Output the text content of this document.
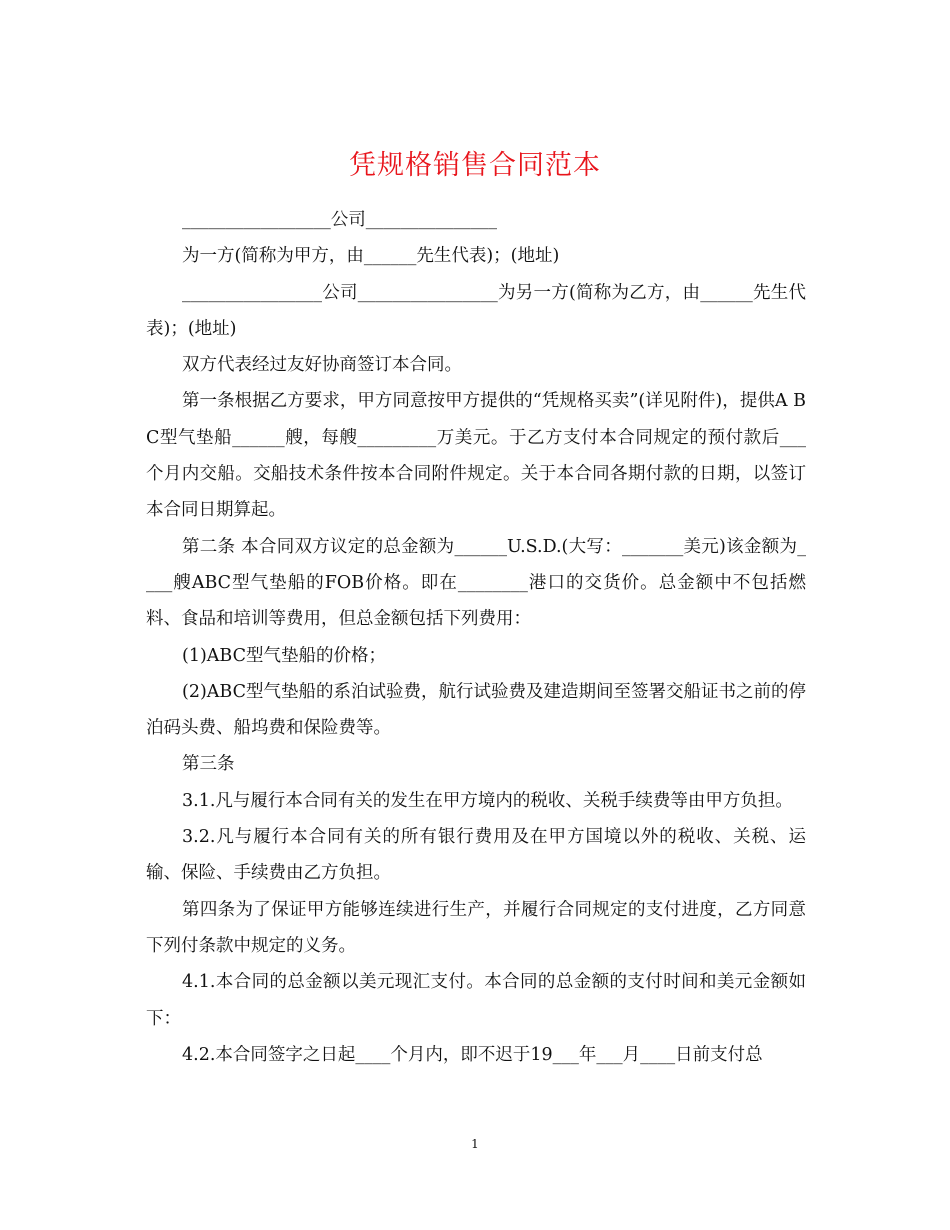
凭规格销售合同范本

_________________公司_______________

为一方(简称为甲方，由______先生代表)；(地址)

________________公司________________为另一方(简称为乙方，由______先生代表)；(地址)

双方代表经过友好协商签订本合同。

第一条根据乙方要求，甲方同意按甲方提供的“凭规格买卖”(详见附件)，提供A BC型气垫船______艘，每艘_________万美元。于乙方支付本合同规定的预付款后___个月内交船。交船技术条件按本合同附件规定。关于本合同各期付款的日期，以签订本合同日期算起。

第二条 本合同双方议定的总金额为______U.S.D.(大写：_______美元)该金额为____艘ABC型气垫船的FOB价格。即在________港口的交货价。总金额中不包括燃料、食品和培训等费用，但总金额包括下列费用：

(1)ABC型气垫船的价格；

(2)ABC型气垫船的系泊试验费，航行试验费及建造期间至签署交船证书之前的停泊码头费、船坞费和保险费等。

第三条

3.1.凡与履行本合同有关的发生在甲方境内的税收、关税手续费等由甲方负担。

3.2.凡与履行本合同有关的所有银行费用及在甲方国境以外的税收、关税、运输、保险、手续费由乙方负担。

第四条为了保证甲方能够连续进行生产，并履行合同规定的支付进度，乙方同意下列付条款中规定的义务。

4.1.本合同的总金额以美元现汇支付。本合同的总金额的支付时间和美元金额如下：

4.2.本合同签字之日起____个月内，即不迟于19___年___月____日前支付总

1
